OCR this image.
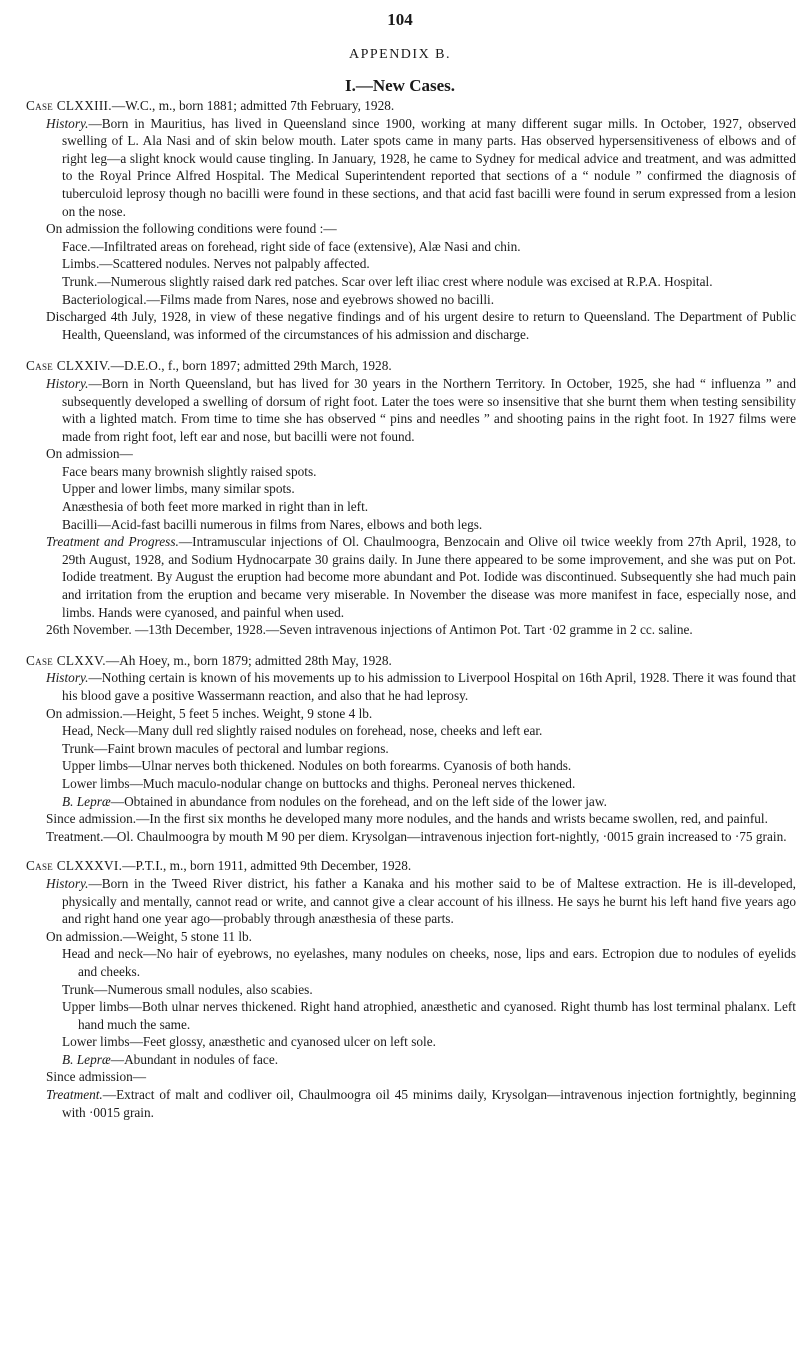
104
APPENDIX B.
I.—New Cases.

Case CLXXIII.—W.C., m., born 1881; admitted 7th February, 1928.

History.—Born in Mauritius, has lived in Queensland since 1900, working at many different sugar mills. In October, 1927, observed swelling of L. Ala Nasi and of skin below mouth. Later spots came in many parts. Has observed hypersensitiveness of elbows and of right leg—a slight knock would cause tingling. In January, 1928, he came to Sydney for medical advice and treatment, and was admitted to the Royal Prince Alfred Hospital. The Medical Superintendent reported that sections of a “ nodule ” confirmed the diagnosis of tuberculoid leprosy though no bacilli were found in these sections, and that acid fast bacilli were found in serum expressed from a lesion on the nose.

On admission the following conditions were found :—

Face.—Infiltrated areas on forehead, right side of face (extensive), Alæ Nasi and chin.

Limbs.—Scattered nodules. Nerves not palpably affected.

Trunk.—Numerous slightly raised dark red patches. Scar over left iliac crest where nodule was excised at R.P.A. Hospital.

Bacteriological.—Films made from Nares, nose and eyebrows showed no bacilli.

Discharged 4th July, 1928, in view of these negative findings and of his urgent desire to return to Queensland. The Department of Public Health, Queensland, was informed of the circumstances of his admission and discharge.

Case CLXXIV.—D.E.O., f., born 1897; admitted 29th March, 1928.

History.—Born in North Queensland, but has lived for 30 years in the Northern Territory. In October, 1925, she had “ influenza ” and subsequently developed a swelling of dorsum of right foot. Later the toes were so insensitive that she burnt them when testing sensibility with a lighted match. From time to time she has observed “ pins and needles ” and shooting pains in the right foot. In 1927 films were made from right foot, left ear and nose, but bacilli were not found.

On admission—

Face bears many brownish slightly raised spots.

Upper and lower limbs, many similar spots.

Anæsthesia of both feet more marked in right than in left.

Bacilli—Acid-fast bacilli numerous in films from Nares, elbows and both legs.

Treatment and Progress.—Intramuscular injections of Ol. Chaulmoogra, Benzocain and Olive oil twice weekly from 27th April, 1928, to 29th August, 1928, and Sodium Hydnocarpate 30 grains daily. In June there appeared to be some improvement, and she was put on Pot. Iodide treatment. By August the eruption had become more abundant and Pot. Iodide was discontinued. Subsequently she had much pain and irritation from the eruption and became very miserable. In November the disease was more manifest in face, especially nose, and limbs. Hands were cyanosed, and painful when used.

26th November. —13th December, 1928.—Seven intravenous injections of Antimon Pot. Tart ·02 gramme in 2 cc. saline.

Case CLXXV.—Ah Hoey, m., born 1879; admitted 28th May, 1928.

History.—Nothing certain is known of his movements up to his admission to Liverpool Hospital on 16th April, 1928. There it was found that his blood gave a positive Wassermann reaction, and also that he had leprosy.

On admission.—Height, 5 feet 5 inches. Weight, 9 stone 4 lb.

Head, Neck—Many dull red slightly raised nodules on forehead, nose, cheeks and left ear.

Trunk—Faint brown macules of pectoral and lumbar regions.

Upper limbs—Ulnar nerves both thickened. Nodules on both forearms. Cyanosis of both hands.

Lower limbs—Much maculo-nodular change on buttocks and thighs. Peroneal nerves thickened.

B. Lepræ—Obtained in abundance from nodules on the forehead, and on the left side of the lower jaw.

Since admission.—In the first six months he developed many more nodules, and the hands and wrists became swollen, red, and painful.

Treatment.—Ol. Chaulmoogra by mouth M 90 per diem. Krysolgan—intravenous injection fort-nightly, ·0015 grain increased to ·75 grain.

Case CLXXXVI.—P.T.I., m., born 1911, admitted 9th December, 1928.

History.—Born in the Tweed River district, his father a Kanaka and his mother said to be of Maltese extraction. He is ill-developed, physically and mentally, cannot read or write, and cannot give a clear account of his illness. He says he burnt his left hand five years ago and right hand one year ago—probably through anæsthesia of these parts.

On admission.—Weight, 5 stone 11 lb.

Head and neck—No hair of eyebrows, no eyelashes, many nodules on cheeks, nose, lips and ears. Ectropion due to nodules of eyelids and cheeks.

Trunk—Numerous small nodules, also scabies.

Upper limbs—Both ulnar nerves thickened. Right hand atrophied, anæsthetic and cyanosed. Right thumb has lost terminal phalanx. Left hand much the same.

Lower limbs—Feet glossy, anæsthetic and cyanosed ulcer on left sole.

B. Lepræ—Abundant in nodules of face.

Since admission—

Treatment.—Extract of malt and codliver oil, Chaulmoogra oil 45 minims daily, Krysolgan—intravenous injection fortnightly, beginning with ·0015 grain.
